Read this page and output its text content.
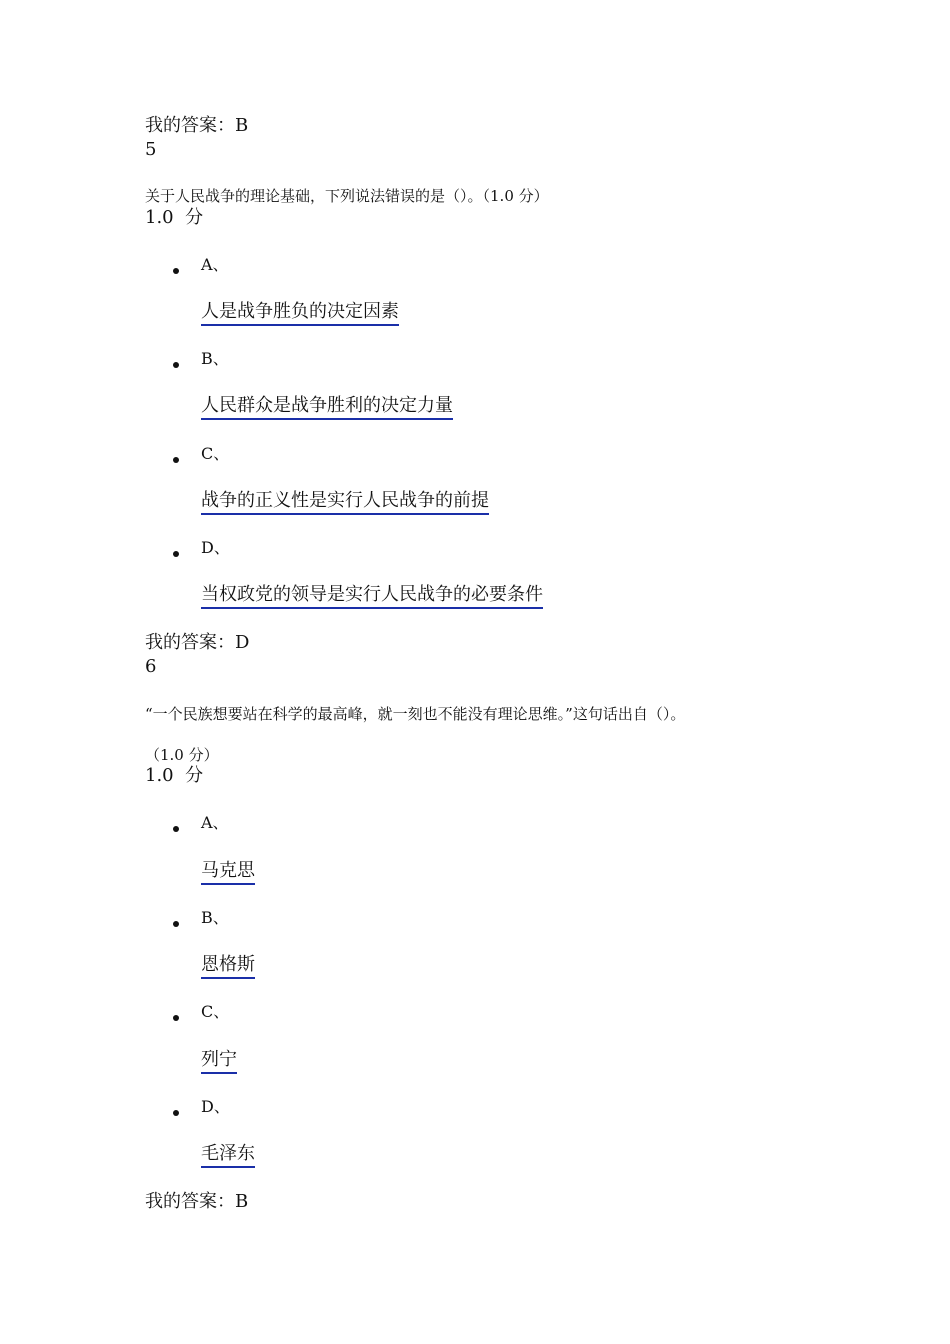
我的答案：B
5
关于人民战争的理论基础，下列说法错误的是（）。（1.0 分）
1.0  分
A、
人是战争胜负的决定因素
B、
人民群众是战争胜利的决定力量
C、
战争的正义性是实行人民战争的前提
D、
当权政党的领导是实行人民战争的必要条件
我的答案：D
6
“一个民族想要站在科学的最高峰，就一刻也不能没有理论思维。”这句话出自（）。
（1.0 分）
1.0  分
A、
马克思
B、
恩格斯
C、
列宁
D、
毛泽东
我的答案：B
